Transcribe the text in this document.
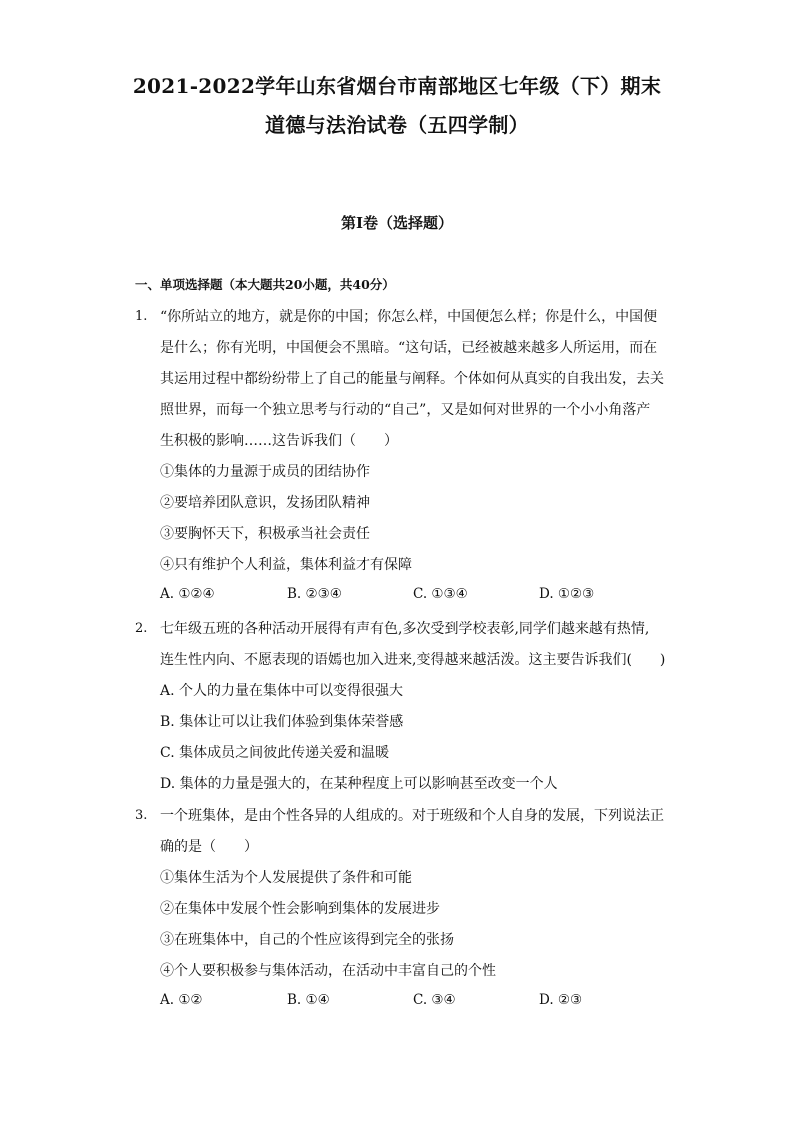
2021-2022学年山东省烟台市南部地区七年级（下）期末
道德与法治试卷（五四学制）
第I卷（选择题）
一、单项选择题（本大题共20小题，共40分）
1. “你所站立的地方，就是你的中国；你怎么样，中国便怎么样；你是什么，中国便
是什么；你有光明，中国便会不黑暗。“这句话，已经被越来越多人所运用，而在
其运用过程中都纷纷带上了自己的能量与阐释。个体如何从真实的自我出发，去关
照世界，而每一个独立思考与行动的“自己”，又是如何对世界的一个小小角落产
生积极的影响……这告诉我们（　　）
①集体的力量源于成员的团结协作
②要培养团队意识，发扬团队精神
③要胸怀天下，积极承当社会责任
④只有维护个人利益，集体利益才有保障
A. ①②④	B. ②③④	C. ①③④	D. ①②③
2. 七年级五班的各种活动开展得有声有色,多次受到学校表彰,同学们越来越有热情,
连生性内向、不愿表现的语嫣也加入进来,变得越来越活泼。这主要告诉我们(　　)
A. 个人的力量在集体中可以变得很强大
B. 集体让可以让我们体验到集体荣誉感
C. 集体成员之间彼此传递关爱和温暖
D. 集体的力量是强大的，在某种程度上可以影响甚至改变一个人
3. 一个班集体，是由个性各异的人组成的。对于班级和个人自身的发展，下列说法正
确的是（　　）
①集体生活为个人发展提供了条件和可能
②在集体中发展个性会影响到集体的发展进步
③在班集体中，自己的个性应该得到完全的张扬
④个人要积极参与集体活动，在活动中丰富自己的个性
A. ①②	B. ①④	C. ③④	D. ②③
